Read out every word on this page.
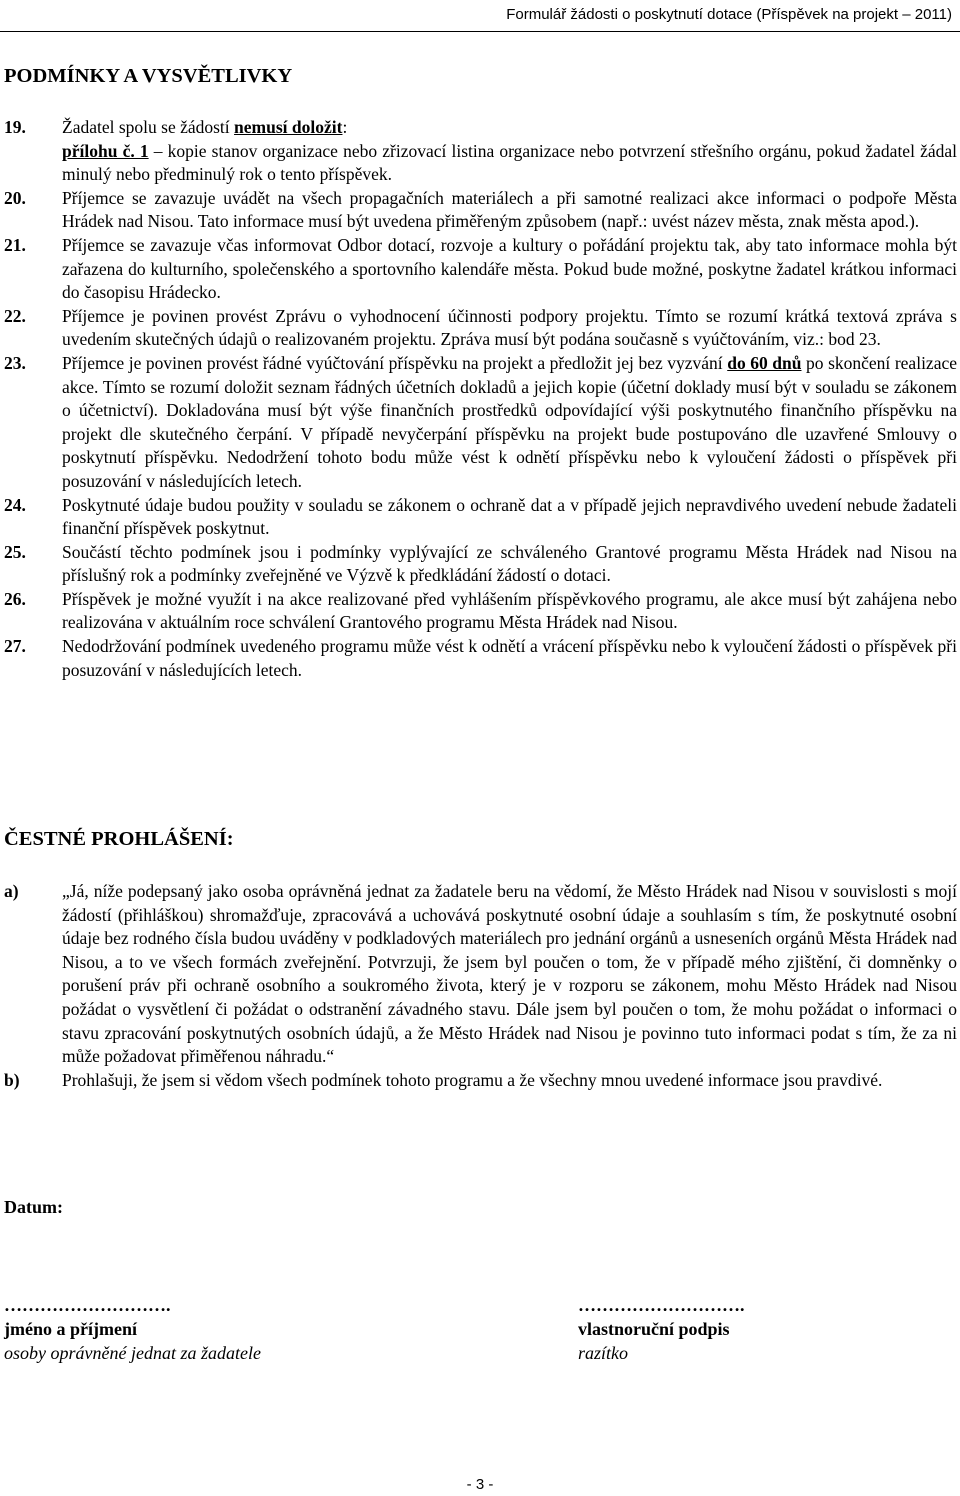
Formulář žádosti o poskytnutí dotace (Příspěvek na projekt – 2011)
PODMÍNKY A VYSVĚTLIVKY
19.	Žadatel spolu se žádostí nemusí doložit:
přílohu č. 1 – kopie stanov organizace nebo zřizovací listina organizace nebo potvrzení střešního orgánu, pokud žadatel žádal minulý nebo předminulý rok o tento příspěvek.
20.	Příjemce se zavazuje uvádět na všech propagačních materiálech a při samotné realizaci akce informaci o podpoře Města Hrádek nad Nisou. Tato informace musí být uvedena přiměřeným způsobem (např.: uvést název města, znak města apod.).
21.	Příjemce se zavazuje včas informovat Odbor dotací, rozvoje a kultury o pořádání projektu tak, aby tato informace mohla být zařazena do kulturního, společenského a sportovního kalendáře města. Pokud bude možné, poskytne žadatel krátkou informaci do časopisu Hrádecko.
22.	Příjemce je povinen provést Zprávu o vyhodnocení účinnosti podpory projektu. Tímto se rozumí krátká textová zpráva s uvedením skutečných údajů o realizovaném projektu. Zpráva musí být podána současně s vyúčtováním, viz.: bod 23.
23.	Příjemce je povinen provést řádné vyúčtování příspěvku na projekt a předložit jej bez vyzvání do 60 dnů po skončení realizace akce. Tímto se rozumí doložit seznam řádných účetních dokladů a jejich kopie (účetní doklady musí být v souladu se zákonem o účetnictví). Dokladována musí být výše finančních prostředků odpovídající výši poskytnutého finančního příspěvku na projekt dle skutečného čerpání. V případě nevyčerpání příspěvku na projekt bude postupováno dle uzavřené Smlouvy o poskytnutí příspěvku. Nedodržení tohoto bodu může vést k odnětí příspěvku nebo k vyloučení žádosti o příspěvek při posuzování v následujících letech.
24.	Poskytnuté údaje budou použity v souladu se zákonem o ochraně dat a v případě jejich nepravdivého uvedení nebude žadateli finanční příspěvek poskytnut.
25.	Součástí těchto podmínek jsou i podmínky vyplývající ze schváleného Grantové programu Města Hrádek nad Nisou na příslušný rok a podmínky zveřejněné ve Výzvě k předkládání žádostí o dotaci.
26.	Příspěvek je možné využít i na akce realizované před vyhlášením příspěvkového programu, ale akce musí být zahájena nebo realizována v aktuálním roce schválení Grantového programu Města Hrádek nad Nisou.
27.	Nedodržování podmínek uvedeného programu může vést k odnětí a vrácení příspěvku nebo k vyloučení žádosti o příspěvek při posuzování v následujících letech.
ČESTNÉ PROHLÁŠENÍ:
a)	„Já, níže podepsaný jako osoba oprávněná jednat za žadatele beru na vědomí, že Město Hrádek nad Nisou v souvislosti s mojí žádostí (přihláškou) shromažďuje, zpracovává a uchovává poskytnuté osobní údaje a souhlasím s tím, že poskytnuté osobní údaje bez rodného čísla budou uváděny v podkladových materiálech pro jednání orgánů a usneseních orgánů Města Hrádek nad Nisou, a to ve všech formách zveřejnění. Potvrzuji, že jsem byl poučen o tom, že v případě mého zjištění, či domněnky o porušení práv při ochraně osobního a soukromého života, který je v rozporu se zákonem, mohu Město Hrádek nad Nisou požádat o vysvětlení či požádat o odstranění závadného stavu. Dále jsem byl poučen o tom, že mohu požádat o informaci o stavu zpracování poskytnutých osobních údajů, a že Město Hrádek nad Nisou je povinno tuto informaci podat s tím, že za ni může požadovat přiměřenou náhradu.“
b)	Prohlašuji, že jsem si vědom všech podmínek tohoto programu a že všechny mnou uvedené informace jsou pravdivé.
Datum:
……………………….
jméno a příjmení
osoby oprávněné jednat za žadatele
……………………….
vlastnoruční podpis
razítko
- 3 -
